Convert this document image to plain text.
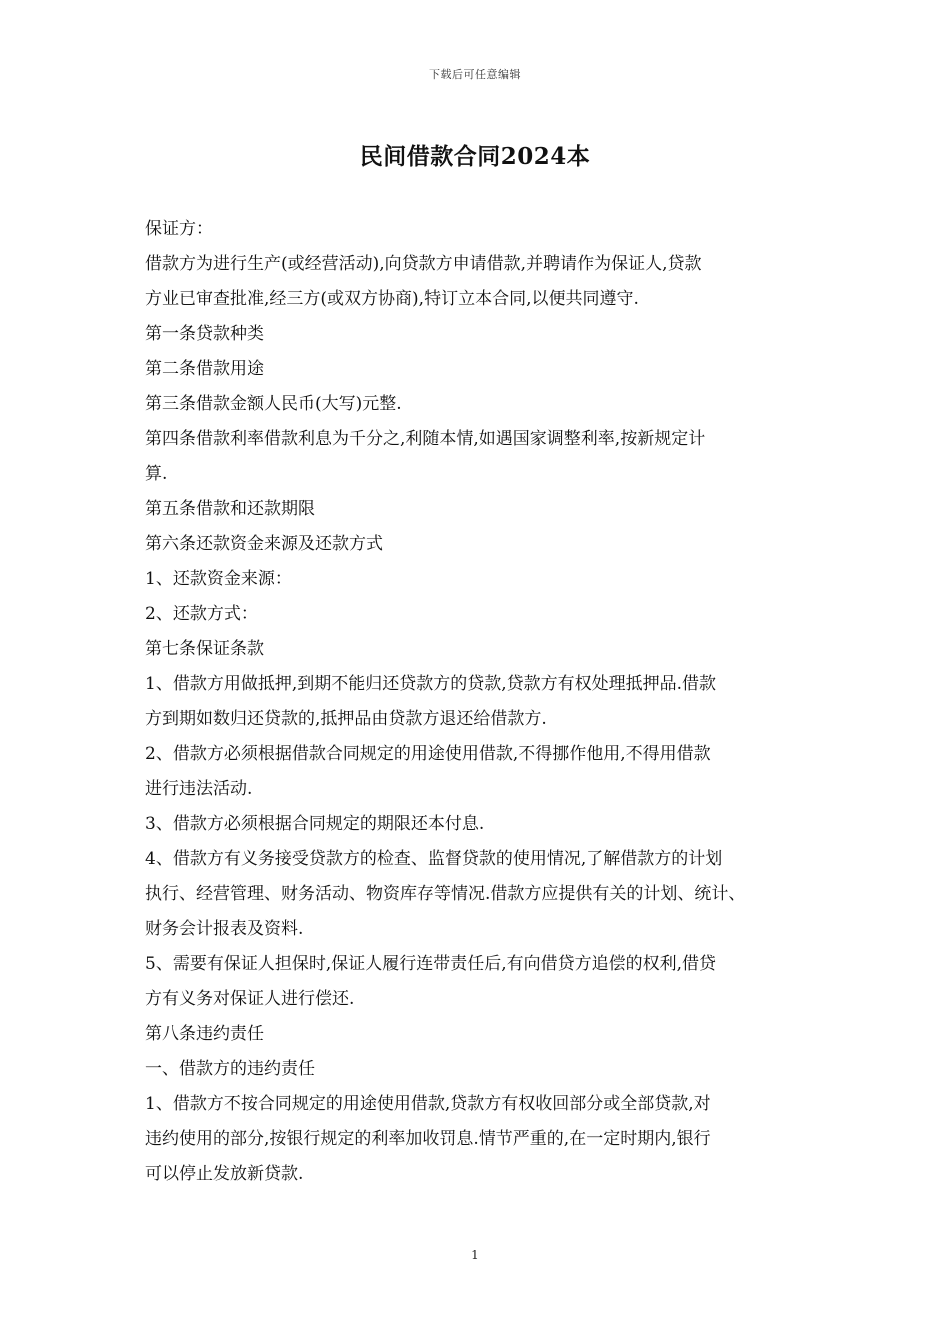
下载后可任意编辑
民间借款合同2024本

保证方：

借款方为进行生产(或经营活动),向贷款方申请借款,并聘请作为保证人,贷款

方业已审查批准,经三方(或双方协商),特订立本合同,以便共同遵守.

第一条贷款种类

第二条借款用途

第三条借款金额人民币(大写)元整.

第四条借款利率借款利息为千分之,利随本情,如遇国家调整利率,按新规定计

算.

第五条借款和还款期限

第六条还款资金来源及还款方式

1、还款资金来源：

2、还款方式：

第七条保证条款

1、借款方用做抵押,到期不能归还贷款方的贷款,贷款方有权处理抵押品.借款

方到期如数归还贷款的,抵押品由贷款方退还给借款方.

2、借款方必须根据借款合同规定的用途使用借款,不得挪作他用,不得用借款

进行违法活动.

3、借款方必须根据合同规定的期限还本付息.

4、借款方有义务接受贷款方的检查、监督贷款的使用情况,了解借款方的计划

执行、经营管理、财务活动、物资库存等情况.借款方应提供有关的计划、统计、

财务会计报表及资料.

5、需要有保证人担保时,保证人履行连带责任后,有向借贷方追偿的权利,借贷

方有义务对保证人进行偿还.

第八条违约责任

一、借款方的违约责任

1、借款方不按合同规定的用途使用借款,贷款方有权收回部分或全部贷款,对

违约使用的部分,按银行规定的利率加收罚息.情节严重的,在一定时期内,银行

可以停止发放新贷款.

1
